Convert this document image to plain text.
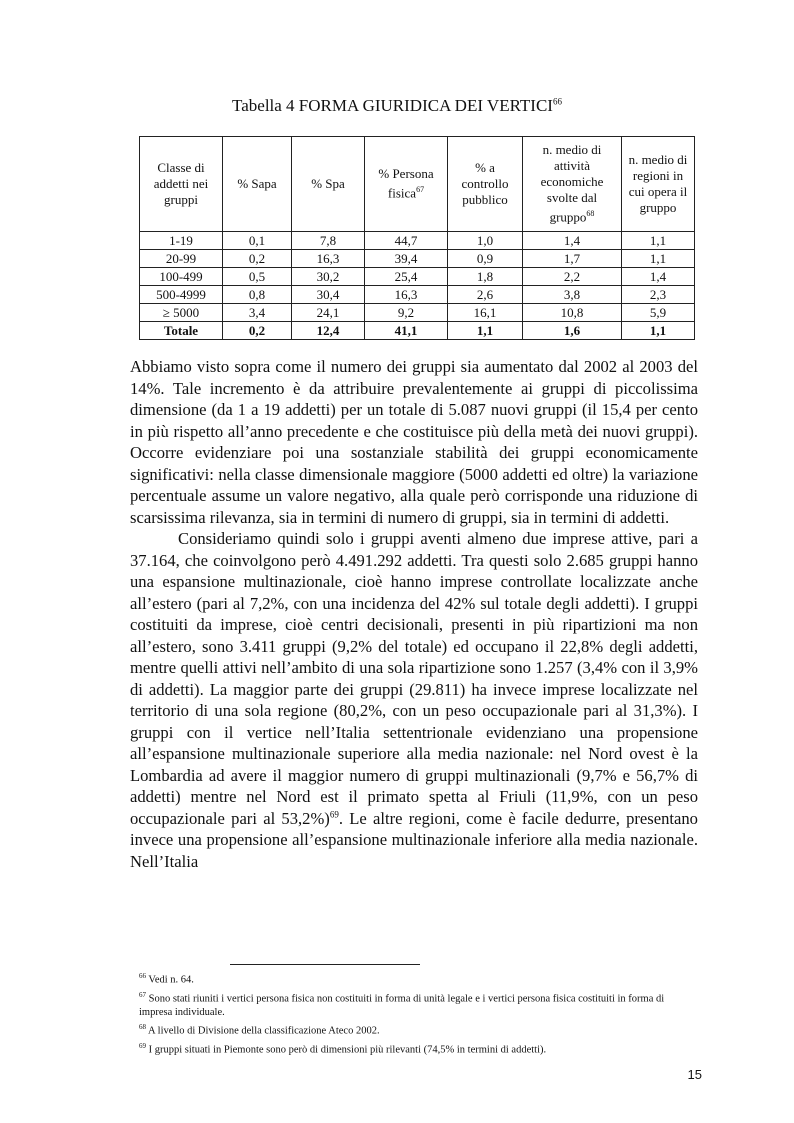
Tabella 4 FORMA GIURIDICA DEI VERTICI$^{66}$
Classe di addetti nei gruppi	% Sapa	% Spa	% Persona fisica$^{67}$	% a controllo pubblico	n. medio di attività economiche svolte dal gruppo$^{68}$	n. medio di regioni in cui opera il gruppo
1-19	0,1	7,8	44,7	1,0	1,4	1,1
20-99	0,2	16,3	39,4	0,9	1,7	1,1
100-499	0,5	30,2	25,4	1,8	2,2	1,4
500-4999	0,8	30,4	16,3	2,6	3,8	2,3
≥ 5000	3,4	24,1	9,2	16,1	10,8	5,9
Totale	0,2	12,4	41,1	1,1	1,6	1,1

Abbiamo visto sopra come il numero dei gruppi sia aumentato dal 2002 al 2003 del 14%. Tale incremento è da attribuire prevalentemente ai gruppi di piccolissima dimensione (da 1 a 19 addetti) per un totale di 5.087 nuovi gruppi (il 15,4 per cento in più rispetto all’anno precedente e che costituisce più della metà dei nuovi gruppi). Occorre evidenziare poi una sostanziale stabilità dei gruppi economicamente significativi: nella classe dimensionale maggiore (5000 addetti ed oltre) la variazione percentuale assume un valore negativo, alla quale però corrisponde una riduzione di scarsissima rilevanza, sia in termini di numero di gruppi, sia in termini di addetti.

Consideriamo quindi solo i gruppi aventi almeno due imprese attive, pari a 37.164, che coinvolgono però 4.491.292 addetti. Tra questi solo 2.685 gruppi hanno una espansione multinazionale, cioè hanno imprese controllate localizzate anche all’estero (pari al 7,2%, con una incidenza del 42% sul totale degli addetti). I gruppi costituiti da imprese, cioè centri decisionali, presenti in più ripartizioni ma non all’estero, sono 3.411 gruppi (9,2% del totale) ed occupano il 22,8% degli addetti, mentre quelli attivi nell’ambito di una sola ripartizione sono 1.257 (3,4% con il 3,9% di addetti). La maggior parte dei gruppi (29.811) ha invece imprese localizzate nel territorio di una sola regione (80,2%, con un peso occupazionale pari al 31,3%). I gruppi con il vertice nell’Italia settentrionale evidenziano una propensione all’espansione multinazionale superiore alla media nazionale: nel Nord ovest è la Lombardia ad avere il maggior numero di gruppi multinazionali (9,7% e 56,7% di addetti) mentre nel Nord est il primato spetta al Friuli (11,9%, con un peso occupazionale pari al 53,2%)$^{69}$. Le altre regioni, come è facile dedurre, presentano invece una propensione all’espansione multinazionale inferiore alla media nazionale. Nell’Italia

$^{66}$ Vedi n. 64.
$^{67}$ Sono stati riuniti i vertici persona fisica non costituiti in forma di unità legale e i vertici persona fisica costituiti in forma di impresa individuale.
$^{68}$ A livello di Divisione della classificazione Ateco 2002.
$^{69}$ I gruppi situati in Piemonte sono però di dimensioni più rilevanti (74,5% in termini di addetti).
15
